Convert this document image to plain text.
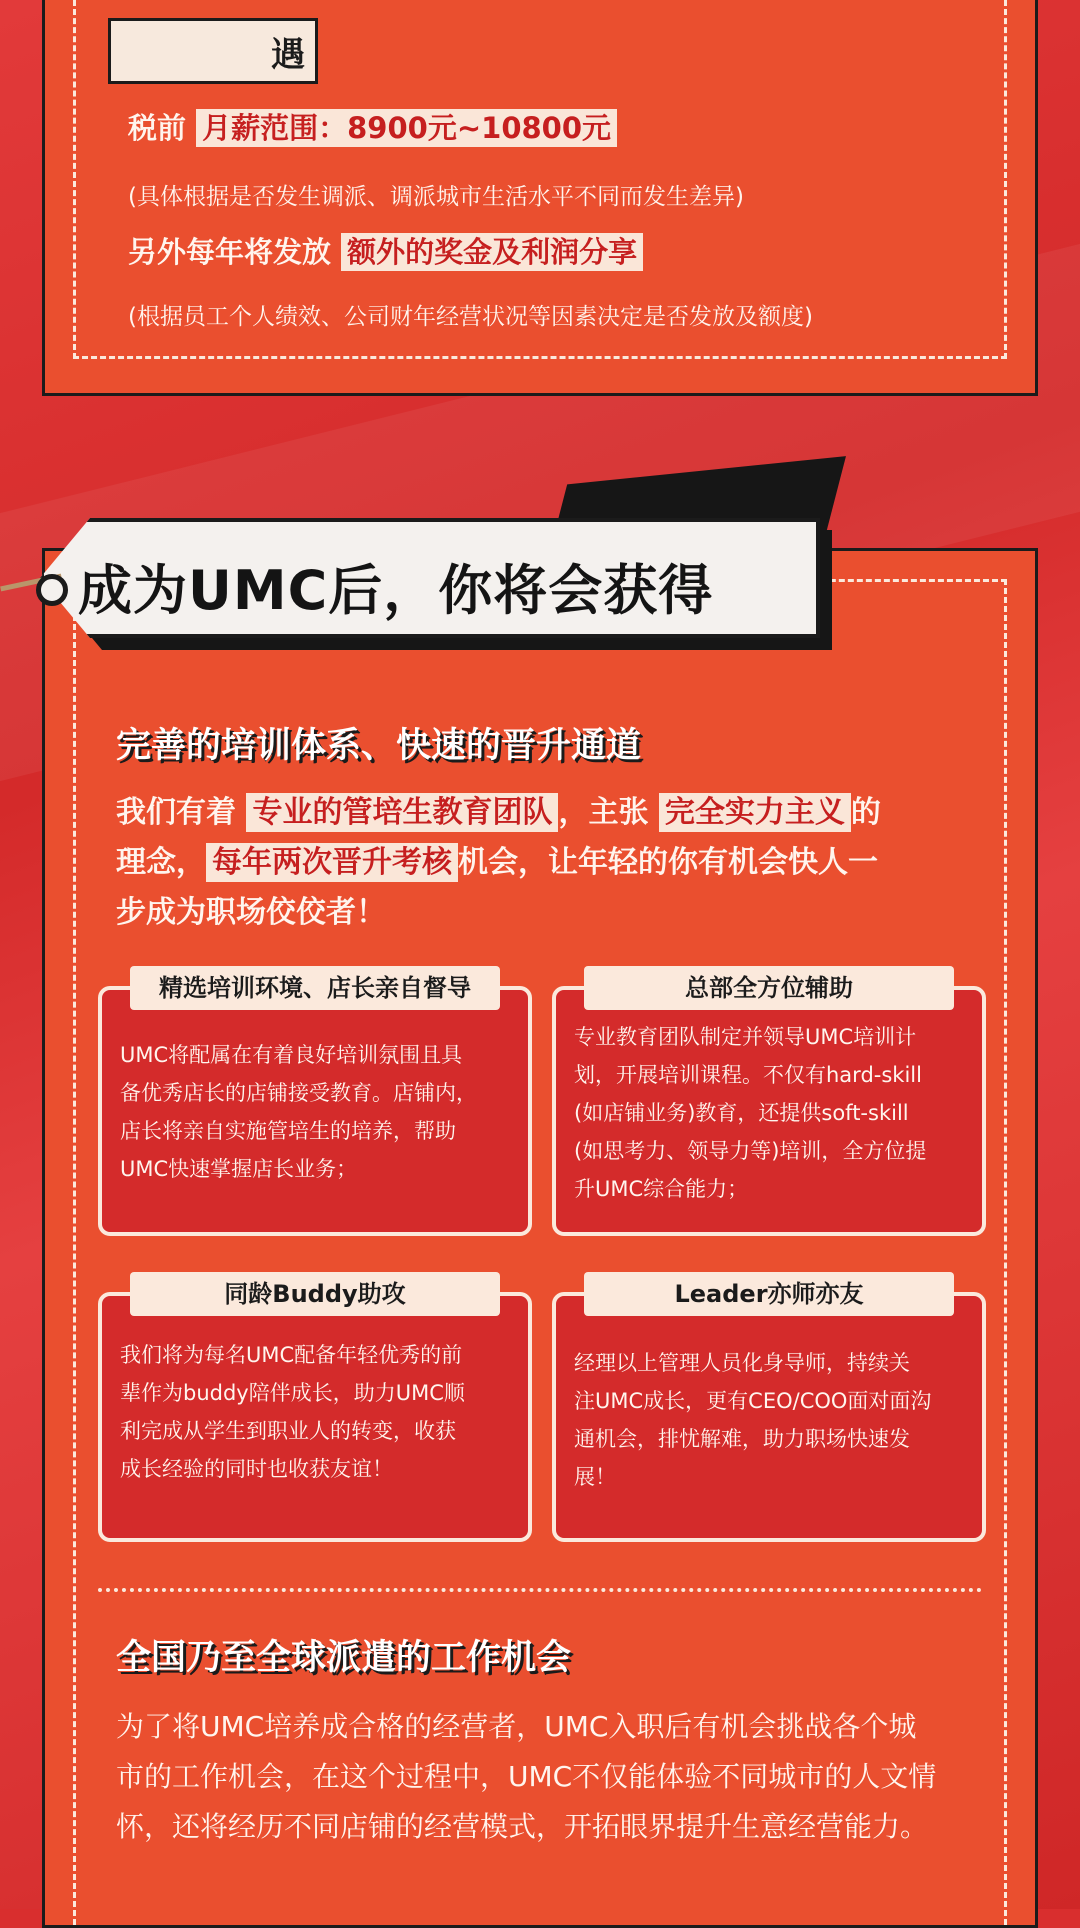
遇
税前 月薪范围：8900元~10800元
(具体根据是否发生调派、调派城市生活水平不同而发生差异)
另外每年将发放 额外的奖金及利润分享
(根据员工个人绩效、公司财年经营状况等因素决定是否发放及额度)
成为UMC后，你将会获得
完善的培训体系、快速的晋升通道
我们有着 专业的管培生教育团队 ，主张 完全实力主义 的
理念， 每年两次晋升考核 机会，让年轻的你有机会快人一
步成为职场佼佼者！
UMC将配属在有着良好培训氛围且具
备优秀店长的店铺接受教育。店铺内，
店长将亲自实施管培生的培养，帮助
UMC快速掌握店长业务；
精选培训环境、店长亲自督导
专业教育团队制定并领导UMC培训计
划，开展培训课程。不仅有hard-skill
(如店铺业务)教育，还提供soft-skill
(如思考力、领导力等)培训，全方位提
升UMC综合能力；
总部全方位辅助
我们将为每名UMC配备年轻优秀的前
辈作为buddy陪伴成长，助力UMC顺
利完成从学生到职业人的转变，收获
成长经验的同时也收获友谊！
同龄Buddy助攻
经理以上管理人员化身导师，持续关
注UMC成长，更有CEO/COO面对面沟
通机会，排忧解难，助力职场快速发
展！
Leader亦师亦友
全国乃至全球派遣的工作机会
为了将UMC培养成合格的经营者，UMC入职后有机会挑战各个城
市的工作机会，在这个过程中，UMC不仅能体验不同城市的人文情
怀，还将经历不同店铺的经营模式，开拓眼界提升生意经营能力。
